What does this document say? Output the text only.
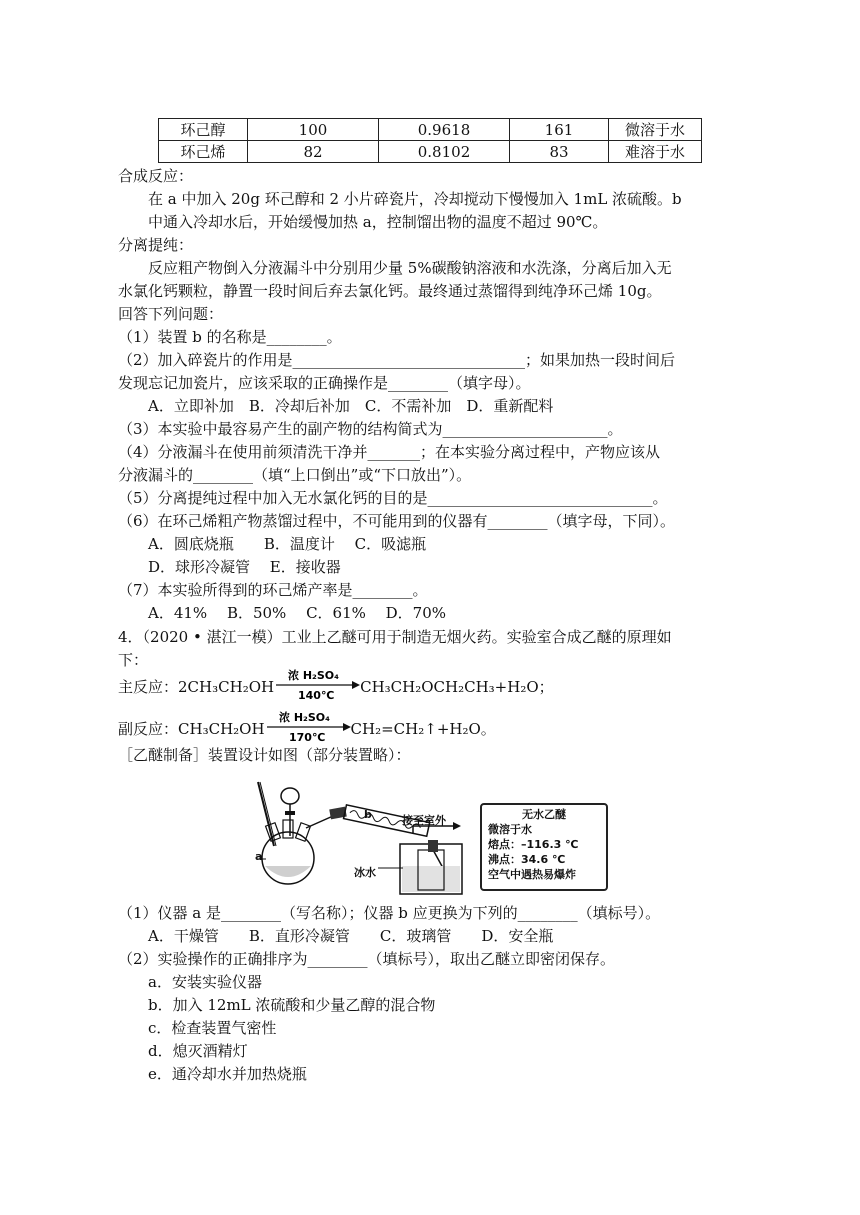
环己醇	100	0.9618	161	微溶于水
环己烯	82	0.8102	83	难溶于水
合成反应：
在 a 中加入 20g 环己醇和 2 小片碎瓷片，冷却搅动下慢慢加入 1mL 浓硫酸。b
中通入冷却水后，开始缓慢加热 a，控制馏出物的温度不超过 90℃。
分离提纯：
反应粗产物倒入分液漏斗中分别用少量 5%碳酸钠溶液和水洗涤，分离后加入无
水氯化钙颗粒，静置一段时间后弃去氯化钙。最终通过蒸馏得到纯净环己烯 10g。
回答下列问题：
（1）装置 b 的名称是________。
（2）加入碎瓷片的作用是_______________________________；如果加热一段时间后
发现忘记加瓷片，应该采取的正确操作是________（填字母）。
A．立即补加　B．冷却后补加　C．不需补加　D．重新配料
（3）本实验中最容易产生的副产物的结构简式为______________________。
（4）分液漏斗在使用前须清洗干净并_______；在本实验分离过程中，产物应该从
分液漏斗的________（填“上口倒出”或“下口放出”）。
（5）分离提纯过程中加入无水氯化钙的目的是______________________________。
（6）在环己烯粗产物蒸馏过程中，不可能用到的仪器有________（填字母，下同）。
A．圆底烧瓶　　B．温度计　 C．吸滤瓶
D．球形冷凝管　 E．接收器
（7）本实验所得到的环己烯产率是________。
A．41%　 B．50%　 C．61%　 D．70%
4．（2020 • 湛江一模）工业上乙醚可用于制造无烟火药。实验室合成乙醚的原理如
下：
主反应：2CH₃CH₂OH
浓 H₂SO₄
140℃ CH₃CH₂OCH₂CH₃+H₂O；
副反应：CH₃CH₂OH
浓 H₂SO₄
170℃ CH₂=CH₂↑+H₂O。
［乙醚制备］装置设计如图（部分装置略）：
a
b	接至室外
冰水
无水乙醚
微溶于水
熔点：–116.3 ℃
沸点：34.6 ℃
空气中遇热易爆炸
（1）仪器 a 是________（写名称）；仪器 b 应更换为下列的________（填标号）。
A．干燥管　　B．直形冷凝管　　C．玻璃管　　D．安全瓶
（2）实验操作的正确排序为________（填标号），取出乙醚立即密闭保存。
a．安装实验仪器
b．加入 12mL 浓硫酸和少量乙醇的混合物
c．检查装置气密性
d．熄灭酒精灯
e．通冷却水并加热烧瓶
